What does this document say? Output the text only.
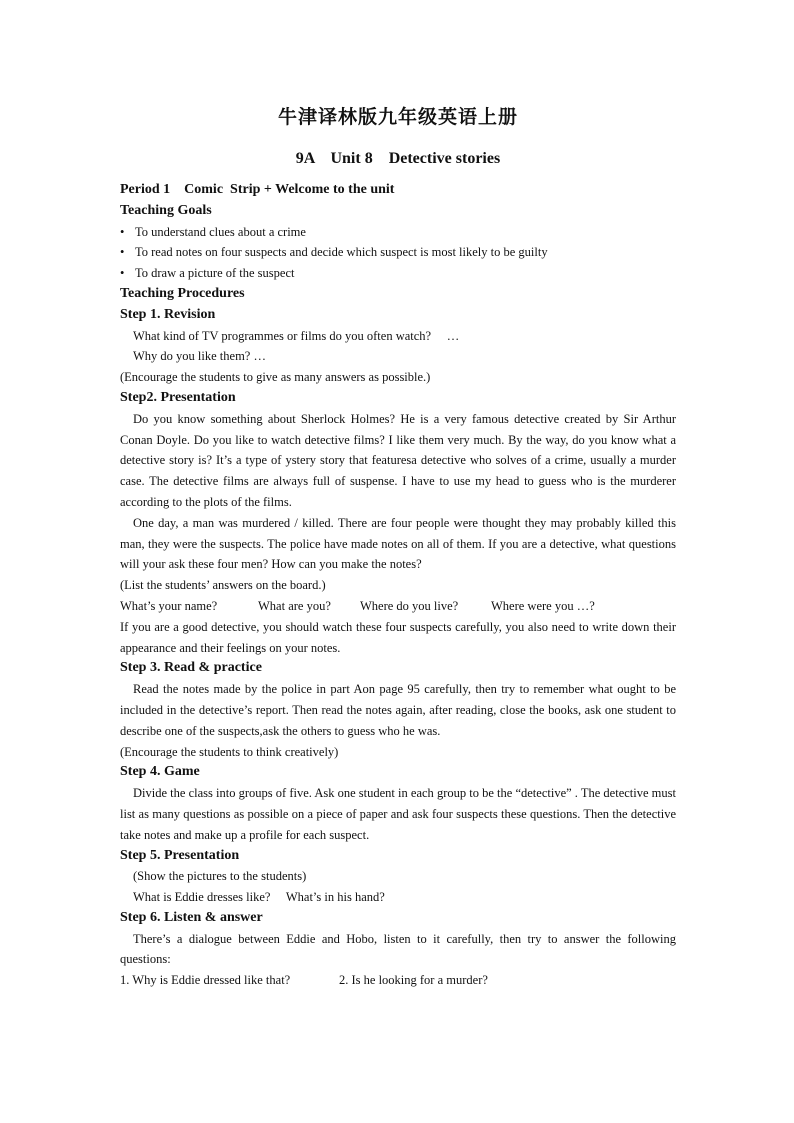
牛津译林版九年级英语上册
9A    Unit 8    Detective stories
Period 1    Comic  Strip + Welcome to the unit
Teaching Goals
• To understand clues about a crime
• To read notes on four suspects and decide which suspect is most likely to be guilty
• To draw a picture of the suspect
Teaching Procedures
Step 1. Revision
What kind of TV programmes or films do you often watch?     …
Why do you like them? …
(Encourage the students to give as many answers as possible.)
Step2. Presentation

Do you know something about Sherlock Holmes? He is a very famous detective created by Sir Arthur Conan Doyle. Do you like to watch detective films? I like them very much. By the way, do you know what a detective story is? It’s a type of ystery story that featuresa detective who solves of a crime, usually a murder case. The detective films are always full of suspense. I have to use my head to guess who is the murderer according to the plots of the films.

One day, a man was murdered / killed. There are four people were thought they may probably killed this man, they were the suspects. The police have made notes on all of them. If you are a detective, what questions will your ask these four men? How can you make the notes?

(List the students’ answers on the board.)
What’s your name?	What are you? Where do you live?	Where were you …?

If you are a good detective, you should watch these four suspects carefully, you also need to write down their appearance and their feelings on your notes.

Step 3. Read & practice

Read the notes made by the police in part Aon page 95 carefully, then try to remember what ought to be included in the detective’s report. Then read the notes again, after reading, close the books, ask one student to describe one of the suspects,ask the others to guess who he was.

(Encourage the students to think creatively)
Step 4. Game

Divide the class into groups of five. Ask one student in each group to be the “detective” . The detective must list as many questions as possible on a piece of paper and ask four suspects these questions. Then the detective take notes and make up a profile for each suspect.

Step 5. Presentation
(Show the pictures to the students)
What is Eddie dresses like?     What’s in his hand?
Step 6. Listen & answer

There’s a dialogue between Eddie and Hobo, listen to it carefully, then try to answer the following questions:

1. Why is Eddie dressed like that?	2. Is he looking for a murder?
